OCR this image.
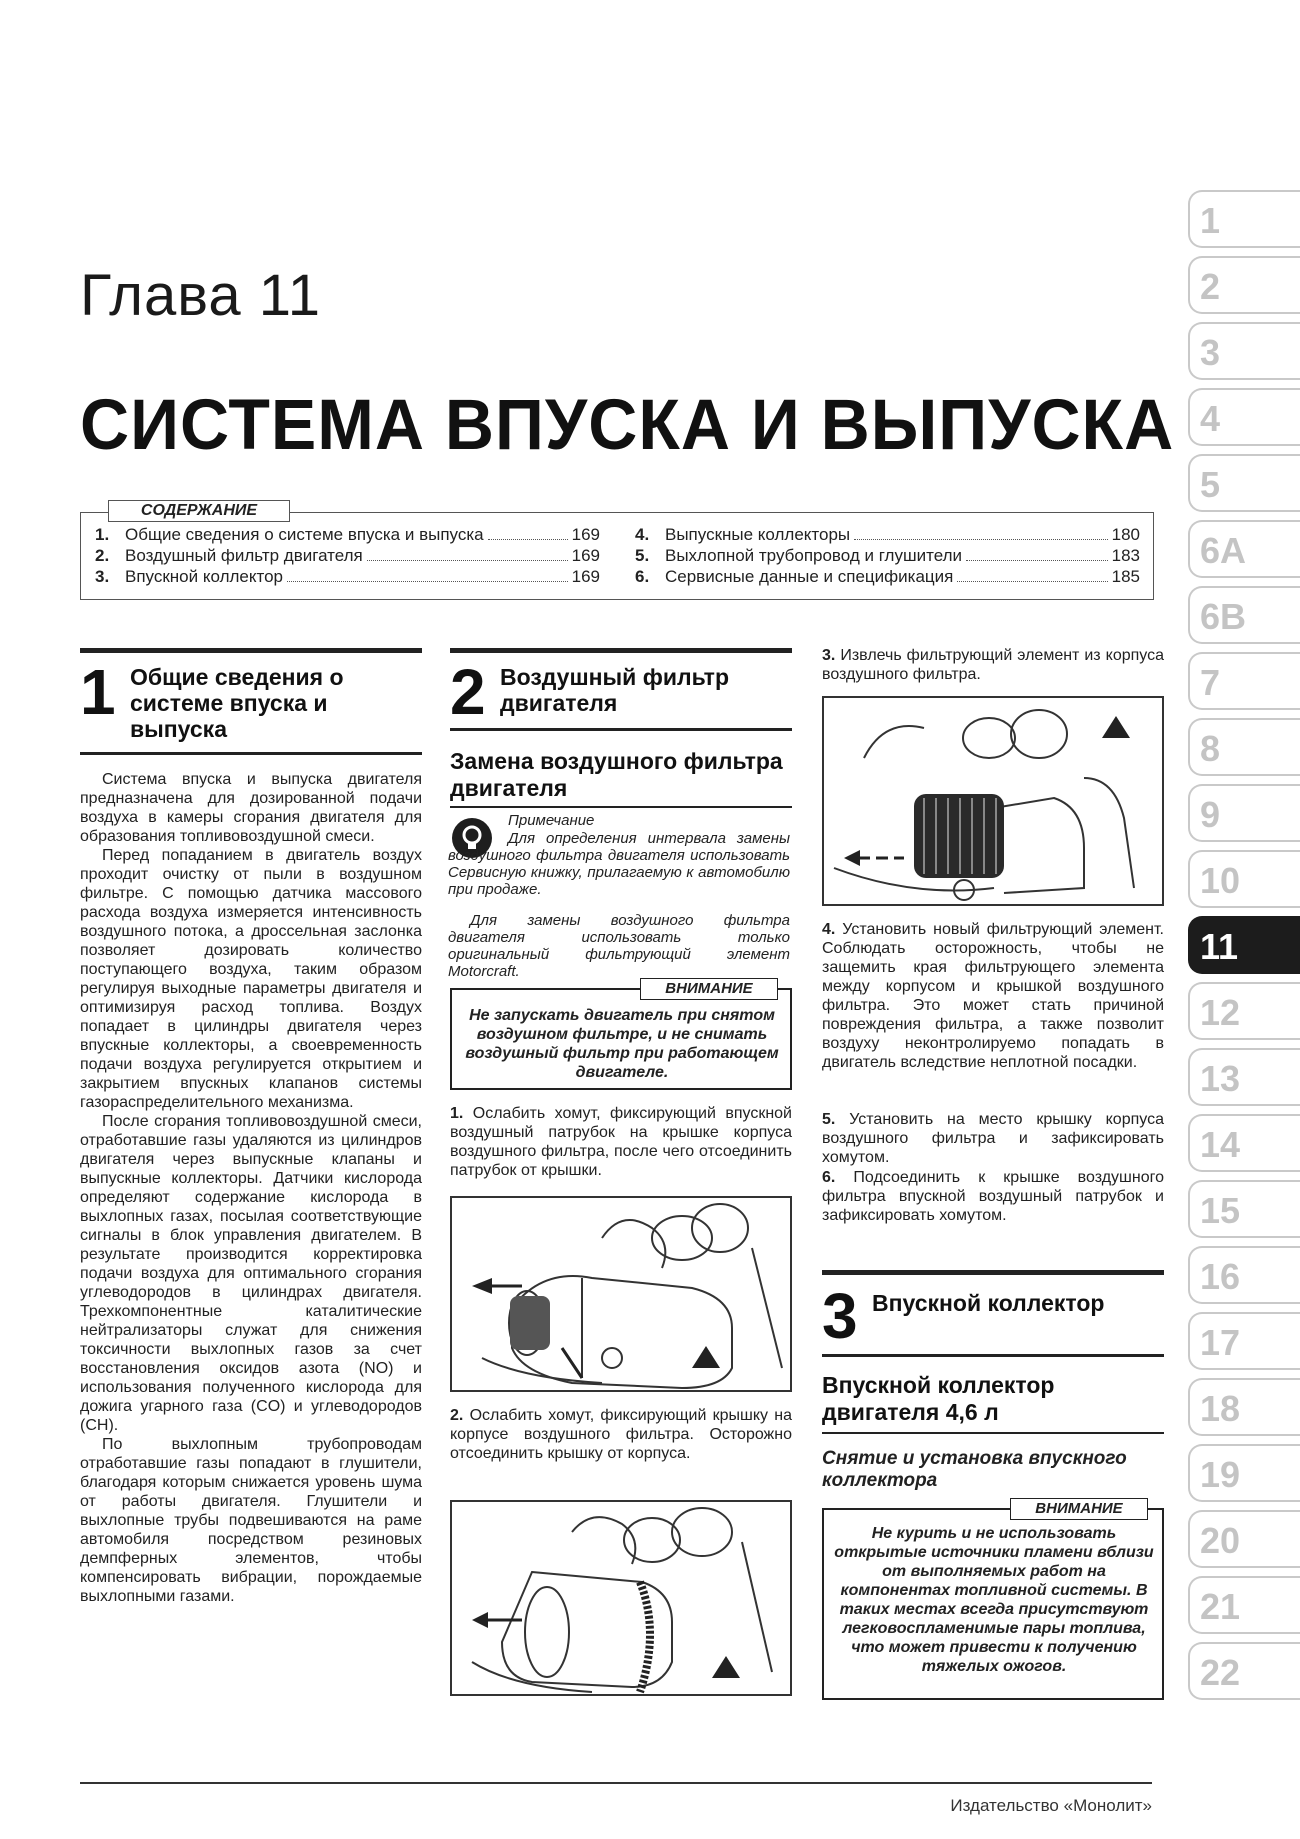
Глава 11
СИСТЕМА ВПУСКА И ВЫПУСКА
СОДЕРЖАНИЕ
1. Общие сведения о системе впуска и выпуска	169
2. Воздушный фильтр двигателя	169
3. Впускной коллектор	169
4. Выпускные коллекторы	180
5. Выхлопной трубопровод и глушители	183
6. Сервисные данные и спецификация	185
1
2
3
4
5
6A
6B
7
8
9
10
11
12
13
14
15
16
17
18
19
20
21
22
1 Общие сведения о системе впуска и выпуска

Система впуска и выпуска двигателя предназначена для дозированной подачи воздуха в камеры сгорания двигателя для образования топливовоздушной смеси.

Перед попаданием в двигатель воздух проходит очистку от пыли в воздушном фильтре. С помощью датчика массового расхода воздуха измеряется интенсивность воздушного потока, а дроссельная заслонка позволяет дозировать количество поступающего воздуха, таким образом регулируя выходные параметры двигателя и оптимизируя расход топлива. Воздух попадает в цилиндры двигателя через впускные коллекторы, а своевременность подачи воздуха регулируется открытием и закрытием впускных клапанов системы газораспределительного механизма.

После сгорания топливовоздушной смеси, отработавшие газы удаляются из цилиндров двигателя через выпускные клапаны и выпускные коллекторы. Датчики кислорода определяют содержание кислорода в выхлопных газах, посылая соответствующие сигналы в блок управления двигателем. В результате производится корректировка подачи воздуха для оптимального сгорания углеводородов в цилиндрах двигателя. Трехкомпонентные каталитические нейтрализаторы служат для снижения токсичности выхлопных газов за счет восстановления оксидов азота (NO) и использования полученного кислорода для дожига угарного газа (CO) и углеводородов (CH).

По выхлопным трубопроводам отработавшие газы попадают в глушители, благодаря которым снижается уровень шума от работы двигателя. Глушители и выхлопные трубы подвешиваются на раме автомобиля посредством резиновых демпферных элементов, чтобы компенсировать вибрации, порождаемые выхлопными газами.

2 Воздушный фильтр двигателя
Замена воздушного фильтра двигателя
Примечание
Для определения интервала замены воздушного фильтра двигателя использовать Сервисную книжку, прилагаемую к автомобилю при продаже.
Для замены воздушного фильтра двигателя использовать только оригинальный фильтрующий элемент Motorcraft.
ВНИМАНИЕ
Не запускать двигатель при снятом воздушном фильтре, и не снимать воздушный фильтр при работающем двигателе.
1. Ослабить хомут, фиксирующий впускной воздушный патрубок на крышке корпуса воздушного фильтра, после чего отсоединить патрубок от крышки.
2. Ослабить хомут, фиксирующий крышку на корпусе воздушного фильтра. Осторожно отсоединить крышку от корпуса.
3. Извлечь фильтрующий элемент из корпуса воздушного фильтра.
4. Установить новый фильтрующий элемент. Соблюдать осторожность, чтобы не защемить края фильтрующего элемента между корпусом и крышкой воздушного фильтра. Это может стать причиной повреждения фильтра, а также позволит воздуху неконтролируемо попадать в двигатель вследствие неплотной посадки.
5. Установить на место крышку корпуса воздушного фильтра и зафиксировать хомутом.
6. Подсоединить к крышке воздушного фильтра впускной воздушный патрубок и зафиксировать хомутом.
3 Впускной коллектор
Впускной коллектор двигателя 4,6 л
Снятие и установка впускного коллектора
ВНИМАНИЕ
Не курить и не использовать открытые источники пламени вблизи от выполняемых работ на компонентах топливной системы. В таких местах всегда присутствуют легковоспламенимые пары топлива, что может привести к получению тяжелых ожогов.
Издательство «Монолит»
